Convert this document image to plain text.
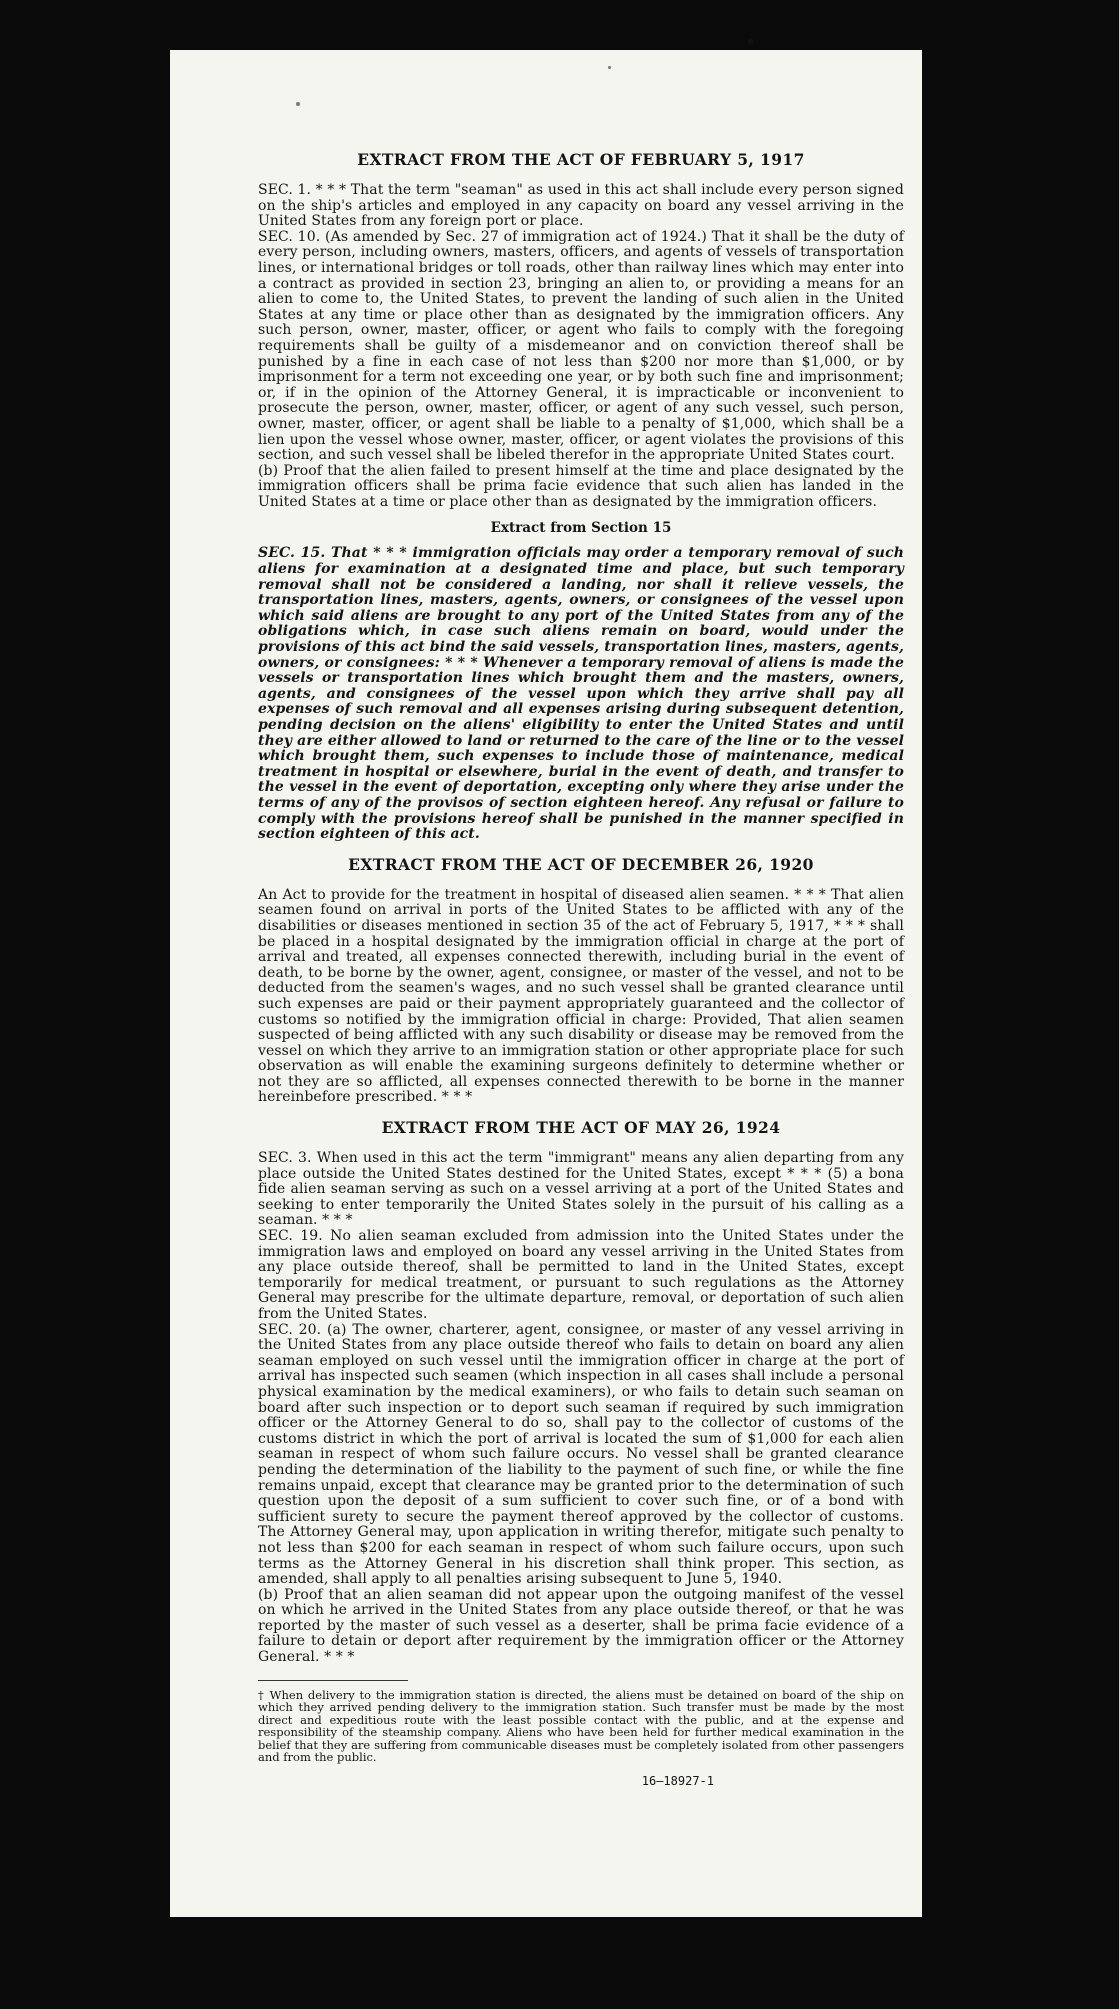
EXTRACT FROM THE ACT OF FEBRUARY 5, 1917

SEC. 1. * * * That the term "seaman" as used in this act shall include every person signed on the ship's articles and employed in any capacity on board any vessel arriving in the United States from any foreign port or place.

SEC. 10. (As amended by Sec. 27 of immigration act of 1924.) That it shall be the duty of every person, including owners, masters, officers, and agents of vessels of transportation lines, or international bridges or toll roads, other than railway lines which may enter into a contract as provided in section 23, bringing an alien to, or providing a means for an alien to come to, the United States, to prevent the landing of such alien in the United States at any time or place other than as designated by the immigration officers. Any such person, owner, master, officer, or agent who fails to comply with the foregoing requirements shall be guilty of a misdemeanor and on conviction thereof shall be punished by a fine in each case of not less than $200 nor more than $1,000, or by imprisonment for a term not exceeding one year, or by both such fine and imprisonment; or, if in the opinion of the Attorney General, it is impracticable or inconvenient to prosecute the person, owner, master, officer, or agent of any such vessel, such person, owner, master, officer, or agent shall be liable to a penalty of $1,000, which shall be a lien upon the vessel whose owner, master, officer, or agent violates the provisions of this section, and such vessel shall be libeled therefor in the appropriate United States court.

(b) Proof that the alien failed to present himself at the time and place designated by the immigration officers shall be prima facie evidence that such alien has landed in the United States at a time or place other than as designated by the immigration officers.

Extract from Section 15

SEC. 15. That * * * immigration officials may order a temporary removal of such aliens for examination at a designated time and place, but such temporary removal shall not be considered a landing, nor shall it relieve vessels, the transportation lines, masters, agents, owners, or consignees of the vessel upon which said aliens are brought to any port of the United States from any of the obligations which, in case such aliens remain on board, would under the provisions of this act bind the said vessels, transportation lines, masters, agents, owners, or consignees: * * * Whenever a temporary removal of aliens is made the vessels or transportation lines which brought them and the masters, owners, agents, and consignees of the vessel upon which they arrive shall pay all expenses of such removal and all expenses arising during subsequent detention, pending decision on the aliens' eligibility to enter the United States and until they are either allowed to land or returned to the care of the line or to the vessel which brought them, such expenses to include those of maintenance, medical treatment in hospital or elsewhere, burial in the event of death, and transfer to the vessel in the event of deportation, excepting only where they arise under the terms of any of the provisos of section eighteen hereof. Any refusal or failure to comply with the provisions hereof shall be punished in the manner specified in section eighteen of this act.

EXTRACT FROM THE ACT OF DECEMBER 26, 1920

An Act to provide for the treatment in hospital of diseased alien seamen. * * * That alien seamen found on arrival in ports of the United States to be afflicted with any of the disabilities or diseases mentioned in section 35 of the act of February 5, 1917, * * * shall be placed in a hospital designated by the immigration official in charge at the port of arrival and treated, all expenses connected therewith, including burial in the event of death, to be borne by the owner, agent, consignee, or master of the vessel, and not to be deducted from the seamen's wages, and no such vessel shall be granted clearance until such expenses are paid or their payment appropriately guaranteed and the collector of customs so notified by the immigration official in charge: Provided, That alien seamen suspected of being afflicted with any such disability or disease may be removed from the vessel on which they arrive to an immigration station or other appropriate place for such observation as will enable the examining surgeons definitely to determine whether or not they are so afflicted, all expenses connected therewith to be borne in the manner hereinbefore prescribed. * * *

EXTRACT FROM THE ACT OF MAY 26, 1924

SEC. 3. When used in this act the term "immigrant" means any alien departing from any place outside the United States destined for the United States, except * * * (5) a bona fide alien seaman serving as such on a vessel arriving at a port of the United States and seeking to enter temporarily the United States solely in the pursuit of his calling as a seaman. * * *

SEC. 19. No alien seaman excluded from admission into the United States under the immigration laws and employed on board any vessel arriving in the United States from any place outside thereof, shall be permitted to land in the United States, except temporarily for medical treatment, or pursuant to such regulations as the Attorney General may prescribe for the ultimate departure, removal, or deportation of such alien from the United States.

SEC. 20. (a) The owner, charterer, agent, consignee, or master of any vessel arriving in the United States from any place outside thereof who fails to detain on board any alien seaman employed on such vessel until the immigration officer in charge at the port of arrival has inspected such seamen (which inspection in all cases shall include a personal physical examination by the medical examiners), or who fails to detain such seaman on board after such inspection or to deport such seaman if required by such immigration officer or the Attorney General to do so, shall pay to the collector of customs of the customs district in which the port of arrival is located the sum of $1,000 for each alien seaman in respect of whom such failure occurs. No vessel shall be granted clearance pending the determination of the liability to the payment of such fine, or while the fine remains unpaid, except that clearance may be granted prior to the determination of such question upon the deposit of a sum sufficient to cover such fine, or of a bond with sufficient surety to secure the payment thereof approved by the collector of customs. The Attorney General may, upon application in writing therefor, mitigate such penalty to not less than $200 for each seaman in respect of whom such failure occurs, upon such terms as the Attorney General in his discretion shall think proper. This section, as amended, shall apply to all penalties arising subsequent to June 5, 1940.

(b) Proof that an alien seaman did not appear upon the outgoing manifest of the vessel on which he arrived in the United States from any place outside thereof, or that he was reported by the master of such vessel as a deserter, shall be prima facie evidence of a failure to detain or deport after requirement by the immigration officer or the Attorney General. * * *

† When delivery to the immigration station is directed, the aliens must be detained on board of the ship on which they arrived pending delivery to the immigration station. Such transfer must be made by the most direct and expeditious route with the least possible contact with the public, and at the expense and responsibility of the steamship company. Aliens who have been held for further medical examination in the belief that they are suffering from communicable diseases must be completely isolated from other passengers and from the public.

16—18927-1
